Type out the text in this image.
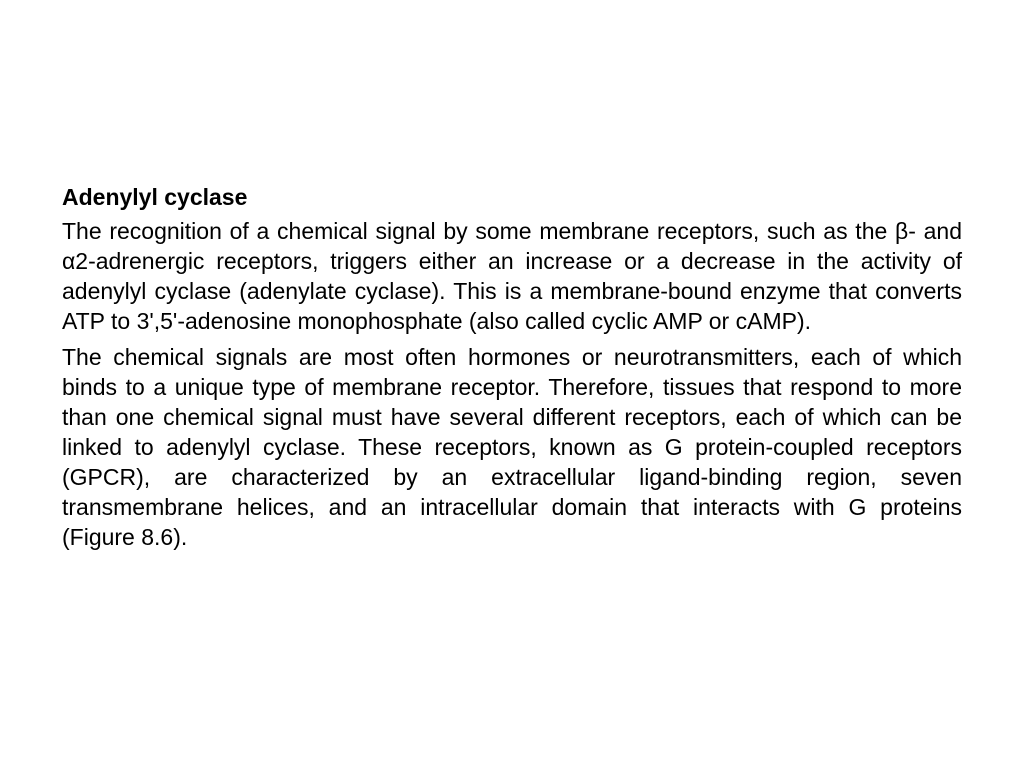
Adenylyl cyclase

The recognition of a chemical signal by some membrane receptors, such as the β- and α2-adrenergic receptors, triggers either an increase or a decrease in the activity of adenylyl cyclase (adenylate cyclase). This is a membrane-bound enzyme that converts ATP to 3',5'-adenosine monophosphate (also called cyclic AMP or cAMP).

The chemical signals are most often hormones or neurotransmitters, each of which binds to a unique type of membrane receptor. Therefore, tissues that respond to more than one chemical signal must have several different receptors, each of which can be linked to adenylyl cyclase. These receptors, known as G protein-coupled receptors (GPCR), are characterized by an extracellular ligand-binding region, seven transmembrane helices, and an intracellular domain that interacts with G proteins (Figure 8.6).
